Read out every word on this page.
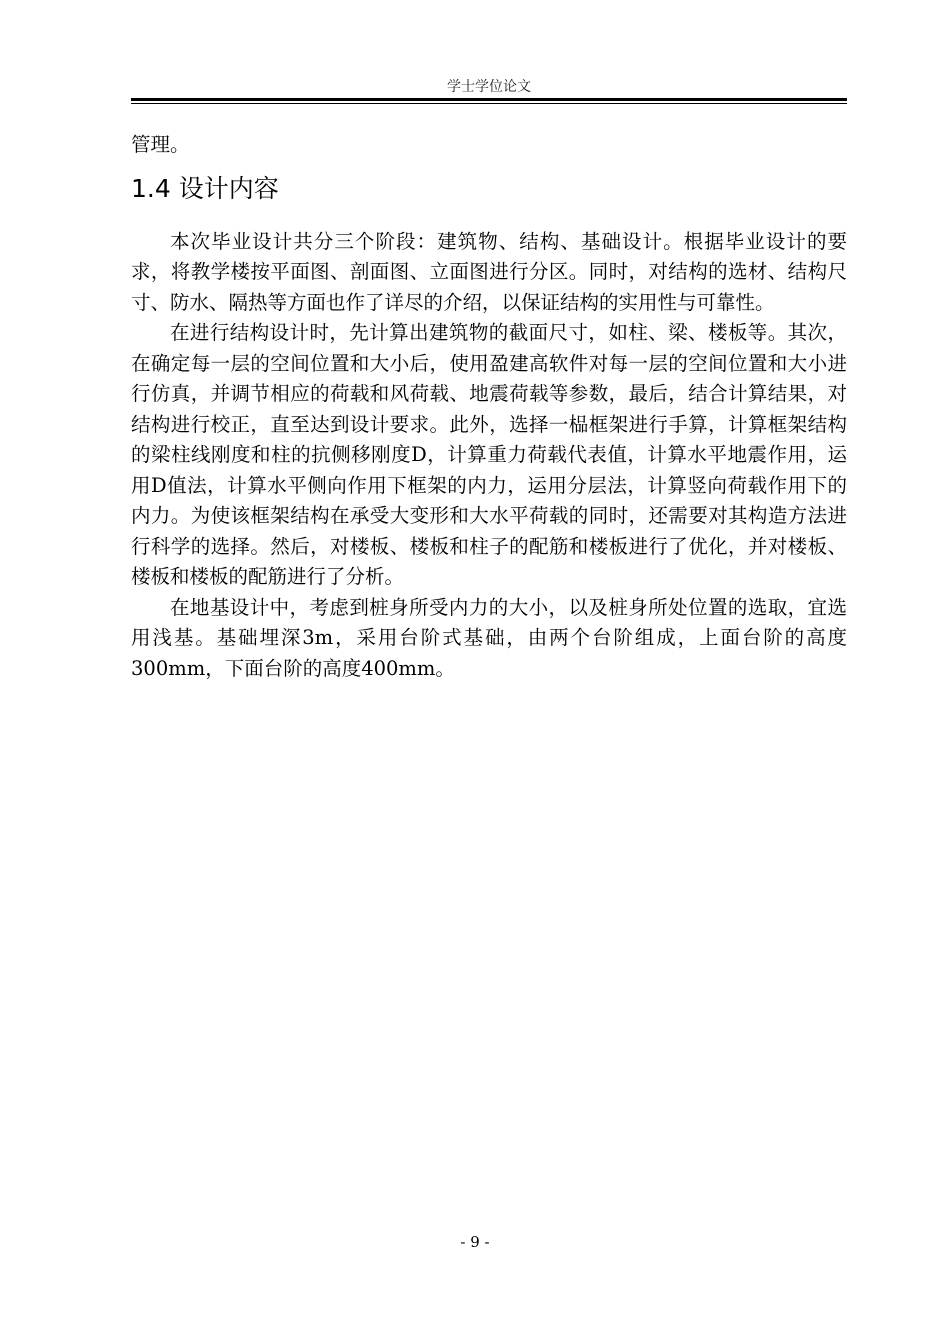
学士学位论文

管理。

1.4 设计内容

本次毕业设计共分三个阶段：建筑物、结构、基础设计。根据毕业设计的要求，将教学楼按平面图、剖面图、立面图进行分区。同时，对结构的选材、结构尺寸、防水、隔热等方面也作了详尽的介绍，以保证结构的实用性与可靠性。

在进行结构设计时，先计算出建筑物的截面尺寸，如柱、梁、楼板等。其次，在确定每一层的空间位置和大小后，使用盈建高软件对每一层的空间位置和大小进行仿真，并调节相应的荷载和风荷载、地震荷载等参数，最后，结合计算结果，对结构进行校正，直至达到设计要求。此外，选择一榀框架进行手算，计算框架结构的梁柱线刚度和柱的抗侧移刚度D，计算重力荷载代表值，计算水平地震作用，运用D值法，计算水平侧向作用下框架的内力，运用分层法，计算竖向荷载作用下的内力。为使该框架结构在承受大变形和大水平荷载的同时，还需要对其构造方法进行科学的选择。然后，对楼板、楼板和柱子的配筋和楼板进行了优化，并对楼板、楼板和楼板的配筋进行了分析。

在地基设计中，考虑到桩身所受内力的大小，以及桩身所处位置的选取，宜选用浅基。基础埋深3m，采用台阶式基础，由两个台阶组成，上面台阶的高度300mm，下面台阶的高度400mm。

- 9 -
